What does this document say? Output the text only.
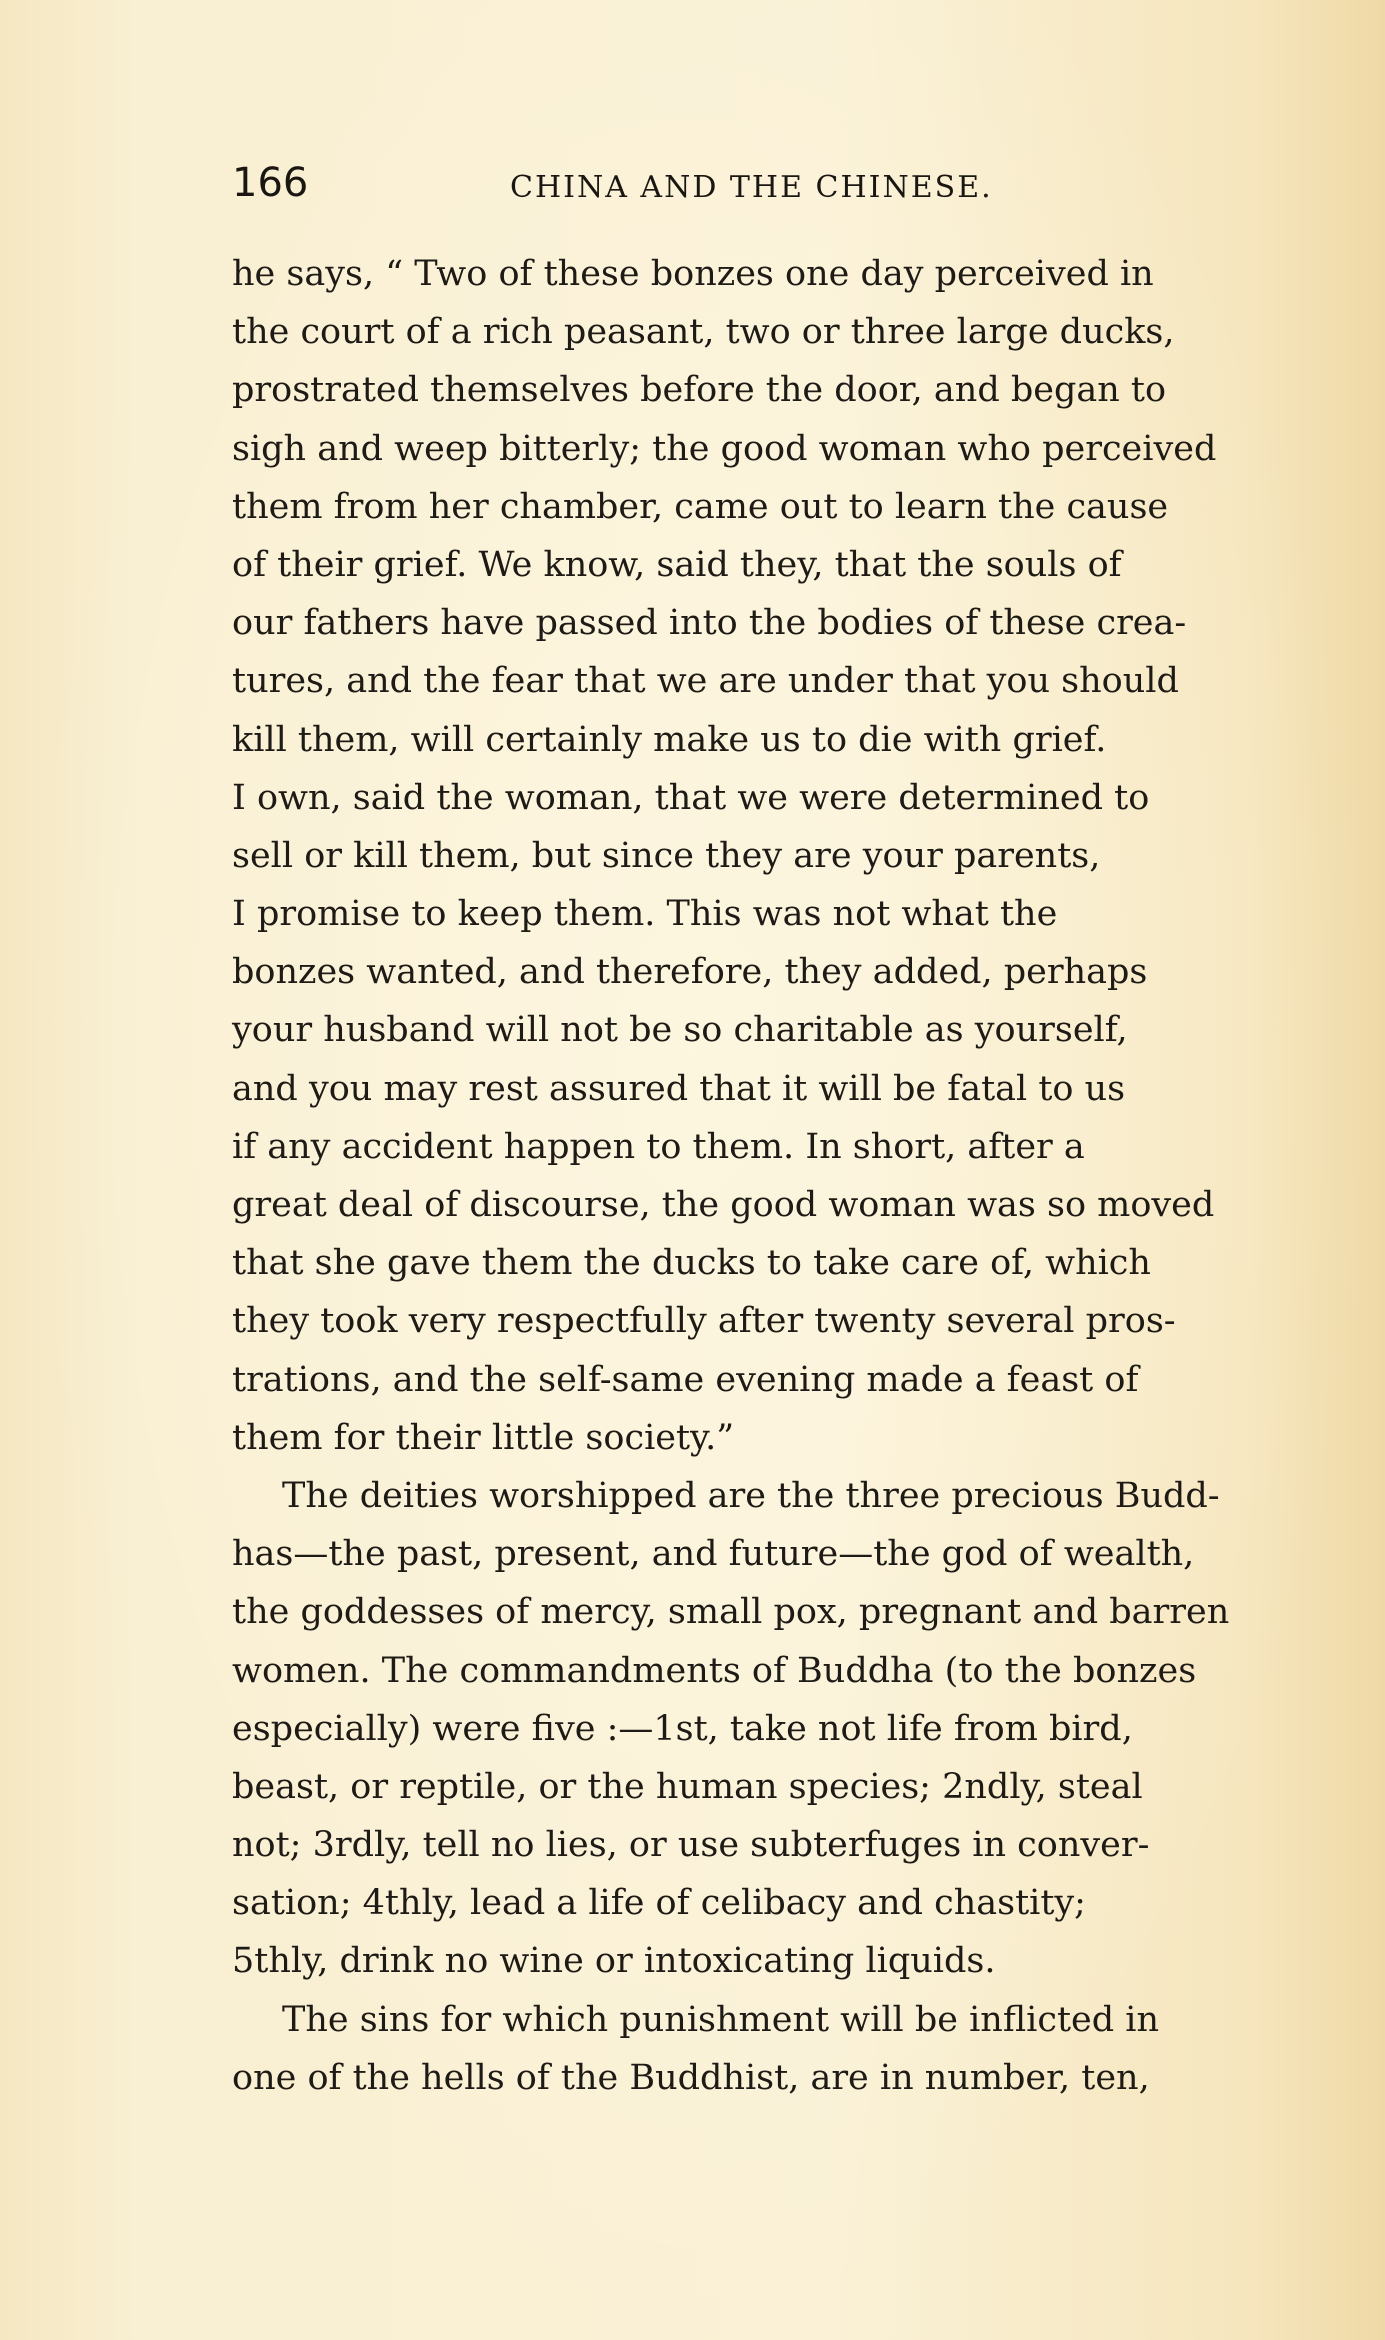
166	CHINA AND THE CHINESE.
he says, “ Two of these bonzes one day perceived in
the court of a rich peasant, two or three large ducks,
prostrated themselves before the door, and began to
sigh and weep bitterly; the good woman who perceived
them from her chamber, came out to learn the cause
of their grief. We know, said they, that the souls of
our fathers have passed into the bodies of these crea-
tures, and the fear that we are under that you should
kill them, will certainly make us to die with grief.
I own, said the woman, that we were determined to
sell or kill them, but since they are your parents,
I promise to keep them. This was not what the
bonzes wanted, and therefore, they added, perhaps
your husband will not be so charitable as yourself,
and you may rest assured that it will be fatal to us
if any accident happen to them. In short, after a
great deal of discourse, the good woman was so moved
that she gave them the ducks to take care of, which
they took very respectfully after twenty several pros-
trations, and the self-same evening made a feast of
them for their little society.”
The deities worshipped are the three precious Budd-
has—the past, present, and future—the god of wealth,
the goddesses of mercy, small pox, pregnant and barren
women. The commandments of Buddha (to the bonzes
especially) were five :—1st, take not life from bird,
beast, or reptile, or the human species; 2ndly, steal
not; 3rdly, tell no lies, or use subterfuges in conver-
sation; 4thly, lead a life of celibacy and chastity;
5thly, drink no wine or intoxicating liquids.
The sins for which punishment will be inflicted in
one of the hells of the Buddhist, are in number, ten,
